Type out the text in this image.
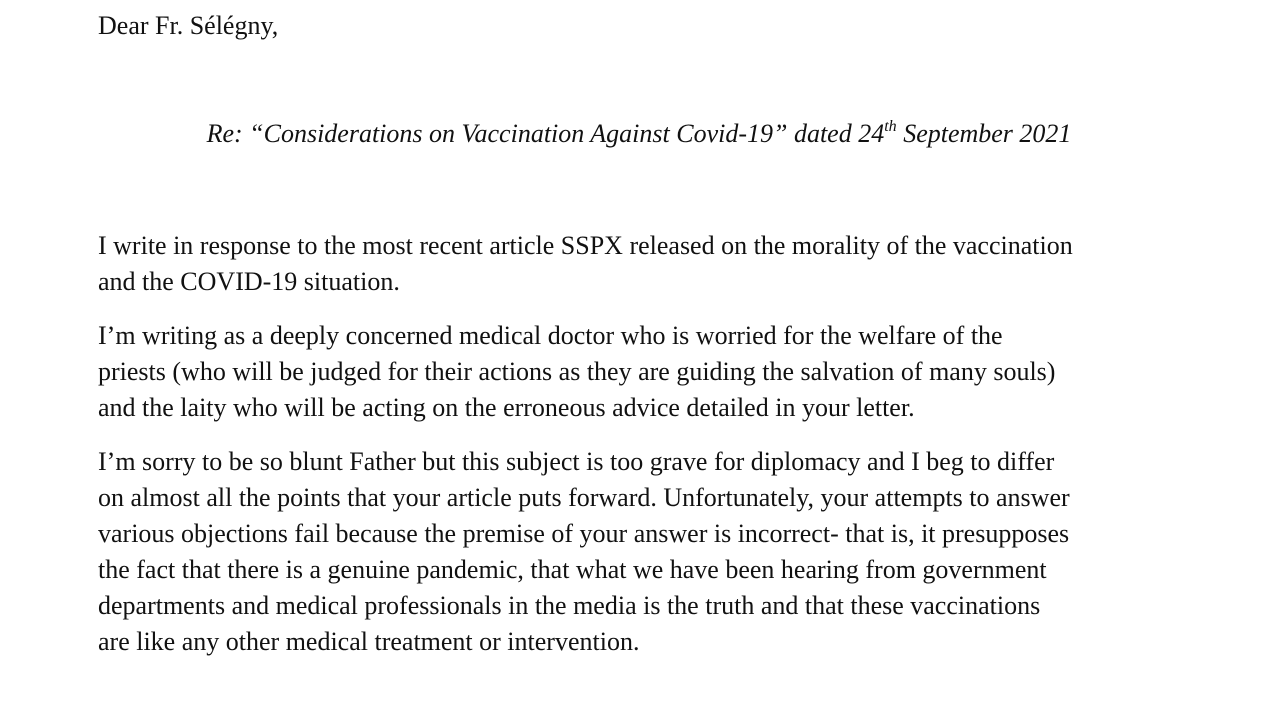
Dear Fr. Sélégny,
Re: “Considerations on Vaccination Against Covid-19” dated 24th September 2021

I write in response to the most recent article SSPX released on the morality of the vaccination
and the COVID-19 situation.

I’m writing as a deeply concerned medical doctor who is worried for the welfare of the
priests (who will be judged for their actions as they are guiding the salvation of many souls)
and the laity who will be acting on the erroneous advice detailed in your letter.

I’m sorry to be so blunt Father but this subject is too grave for diplomacy and I beg to differ
on almost all the points that your article puts forward. Unfortunately, your attempts to answer
various objections fail because the premise of your answer is incorrect- that is, it presupposes
the fact that there is a genuine pandemic, that what we have been hearing from government
departments and medical professionals in the media is the truth and that these vaccinations
are like any other medical treatment or intervention.
